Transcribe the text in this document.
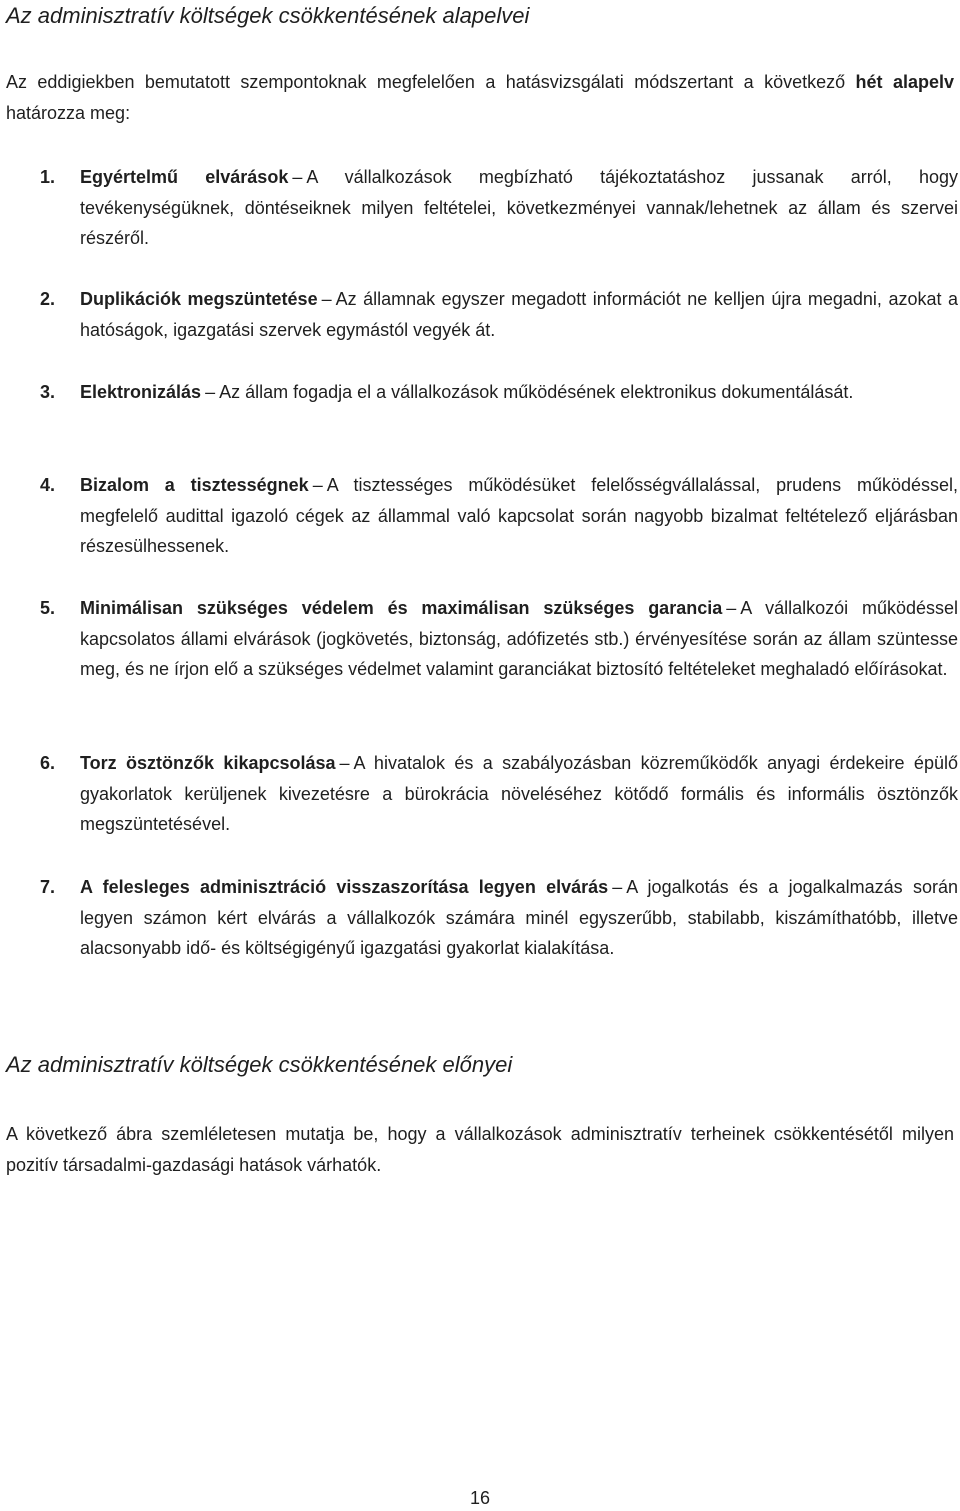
Az adminisztratív költségek csökkentésének alapelvei

Az eddigiekben bemutatott szempontoknak megfelelően a hatásvizsgálati módszertant a következő hét alapelv határozza meg:

1.	Egyértelmű elvárások – A vállalkozások megbízható tájékoztatáshoz jussanak arról, hogy tevékenységüknek, döntéseiknek milyen feltételei, következményei vannak/lehetnek az állam és szervei részéről.
2.	Duplikációk megszüntetése – Az államnak egyszer megadott információt ne kelljen újra megadni, azokat a hatóságok, igazgatási szervek egymástól vegyék át.
3.	Elektronizálás – Az állam fogadja el a vállalkozások működésének elektronikus dokumentálását.
4.	Bizalom a tisztességnek – A tisztességes működésüket felelősségvállalással, prudens működéssel, megfelelő audittal igazoló cégek az állammal való kapcsolat során nagyobb bizalmat feltételező eljárásban részesülhessenek.
5.	Minimálisan szükséges védelem és maximálisan szükséges garancia – A vállalkozói működéssel kapcsolatos állami elvárások (jogkövetés, biztonság, adófizetés stb.) érvényesítése során az állam szüntesse meg, és ne írjon elő a szükséges védelmet valamint garanciákat biztosító feltételeket meghaladó előírásokat.
6.	Torz ösztönzők kikapcsolása – A hivatalok és a szabályozásban közreműködők anyagi érdekeire épülő gyakorlatok kerüljenek kivezetésre a bürokrácia növeléséhez kötődő formális és informális ösztönzők megszüntetésével.
7.	A felesleges adminisztráció visszaszorítása legyen elvárás – A jogalkotás és a jogalkalmazás során legyen számon kért elvárás a vállalkozók számára minél egyszerűbb, stabilabb, kiszámíthatóbb, illetve alacsonyabb idő- és költségigényű igazgatási gyakorlat kialakítása.
Az adminisztratív költségek csökkentésének előnyei

A következő ábra szemléletesen mutatja be, hogy a vállalkozások adminisztratív terheinek csökkentésétől milyen pozitív társadalmi-gazdasági hatások várhatók.

16
